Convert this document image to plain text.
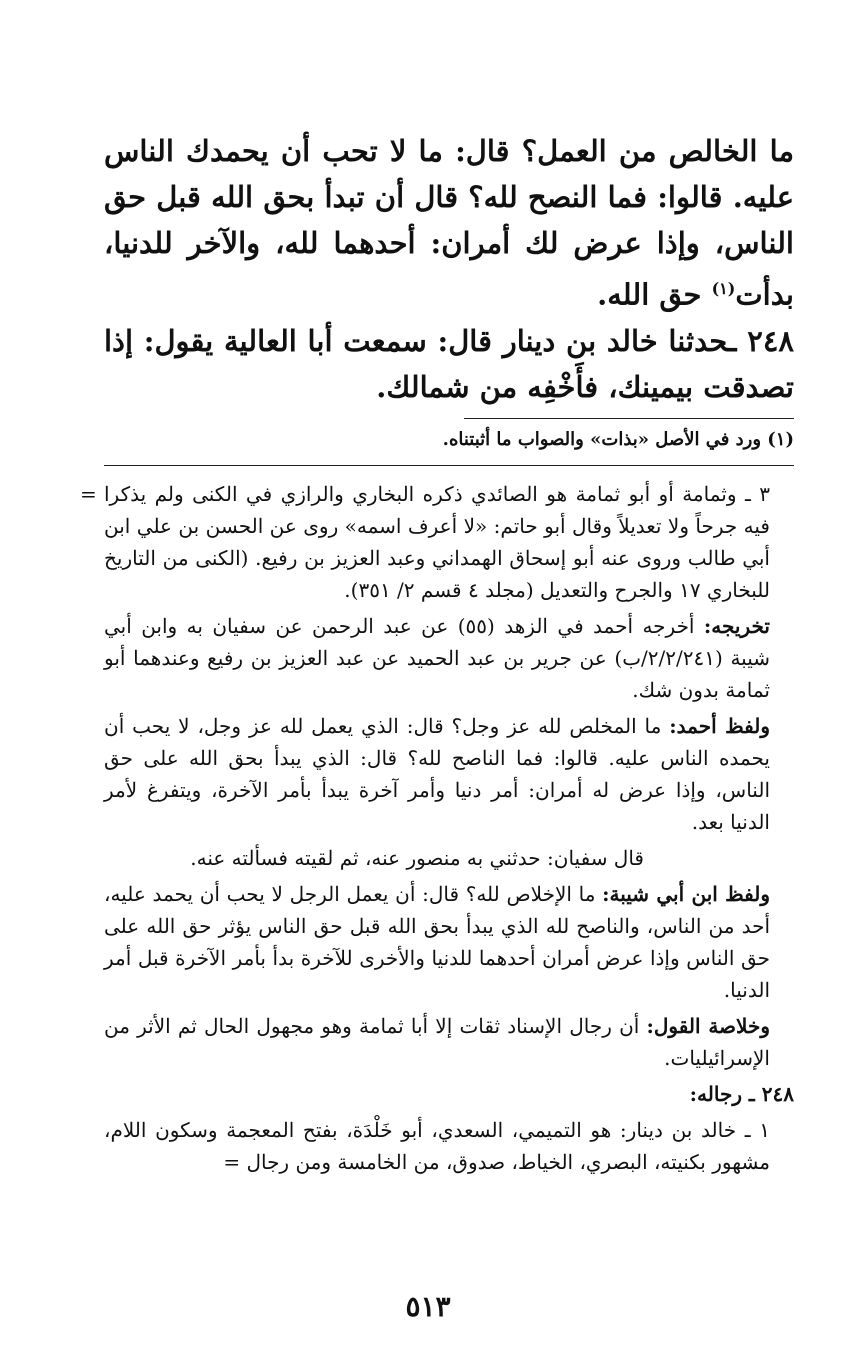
ما الخالص من العمل؟ قال: ما لا تحب أن يحمدك الناس عليه. قالوا: فما النصح لله؟ قال أن تبدأ بحق الله قبل حق الناس، وإذا عرض لك أمران: أحدهما لله، والآخر للدنيا، بدأت$^{(١)}$ حق الله.

٢٤٨ ـحدثنا خالد بن دينار قال: سمعت أبا العالية يقول: إذا تصدقت بيمينك، فأَخْفِه من شمالك.

(١) ورد في الأصل «بذات» والصواب ما أثبتناه.

= ٣ ـ وثمامة أو أبو ثمامة هو الصائدي ذكره البخاري والرازي في الكنى ولم يذكرا فيه جرحاً ولا تعديلاً وقال أبو حاتم: «لا أعرف اسمه» روى عن الحسن بن علي ابن أبي طالب وروى عنه أبو إسحاق الهمداني وعبد العزيز بن رفيع. (الكنى من التاريخ للبخاري ١٧ والجرح والتعديل (مجلد ٤ قسم ٢/ ٣٥١).

تخريجه: أخرجه أحمد في الزهد (٥٥) عن عبد الرحمن عن سفيان به وابن أبي شيبة (٢/٢/٢٤١/ب) عن جرير بن عبد الحميد عن عبد العزيز بن رفيع وعندهما أبو ثمامة بدون شك.

ولفظ أحمد: ما المخلص لله عز وجل؟ قال: الذي يعمل لله عز وجل، لا يحب أن يحمده الناس عليه. قالوا: فما الناصح لله؟ قال: الذي يبدأ بحق الله على حق الناس، وإذا عرض له أمران: أمر دنيا وأمر آخرة يبدأ بأمر الآخرة، ويتفرغ لأمر الدنيا بعد.

قال سفيان: حدثني به منصور عنه، ثم لقيته فسألته عنه.

ولفظ ابن أبي شيبة: ما الإخلاص لله؟ قال: أن يعمل الرجل لا يحب أن يحمد عليه، أحد من الناس، والناصح لله الذي يبدأ بحق الله قبل حق الناس يؤثر حق الله على حق الناس وإذا عرض أمران أحدهما للدنيا والأخرى للآخرة بدأ بأمر الآخرة قبل أمر الدنيا.

وخلاصة القول: أن رجال الإسناد ثقات إلا أبا ثمامة وهو مجهول الحال ثم الأثر من الإسرائيليات.

٢٤٨ ـ رجاله:

١ ـ خالد بن دينار: هو التميمي، السعدي، أبو خَلْدَة، بفتح المعجمة وسكون اللام، مشهور بكنيته، البصري، الخياط، صدوق، من الخامسة ومن رجال =

٥١٣
